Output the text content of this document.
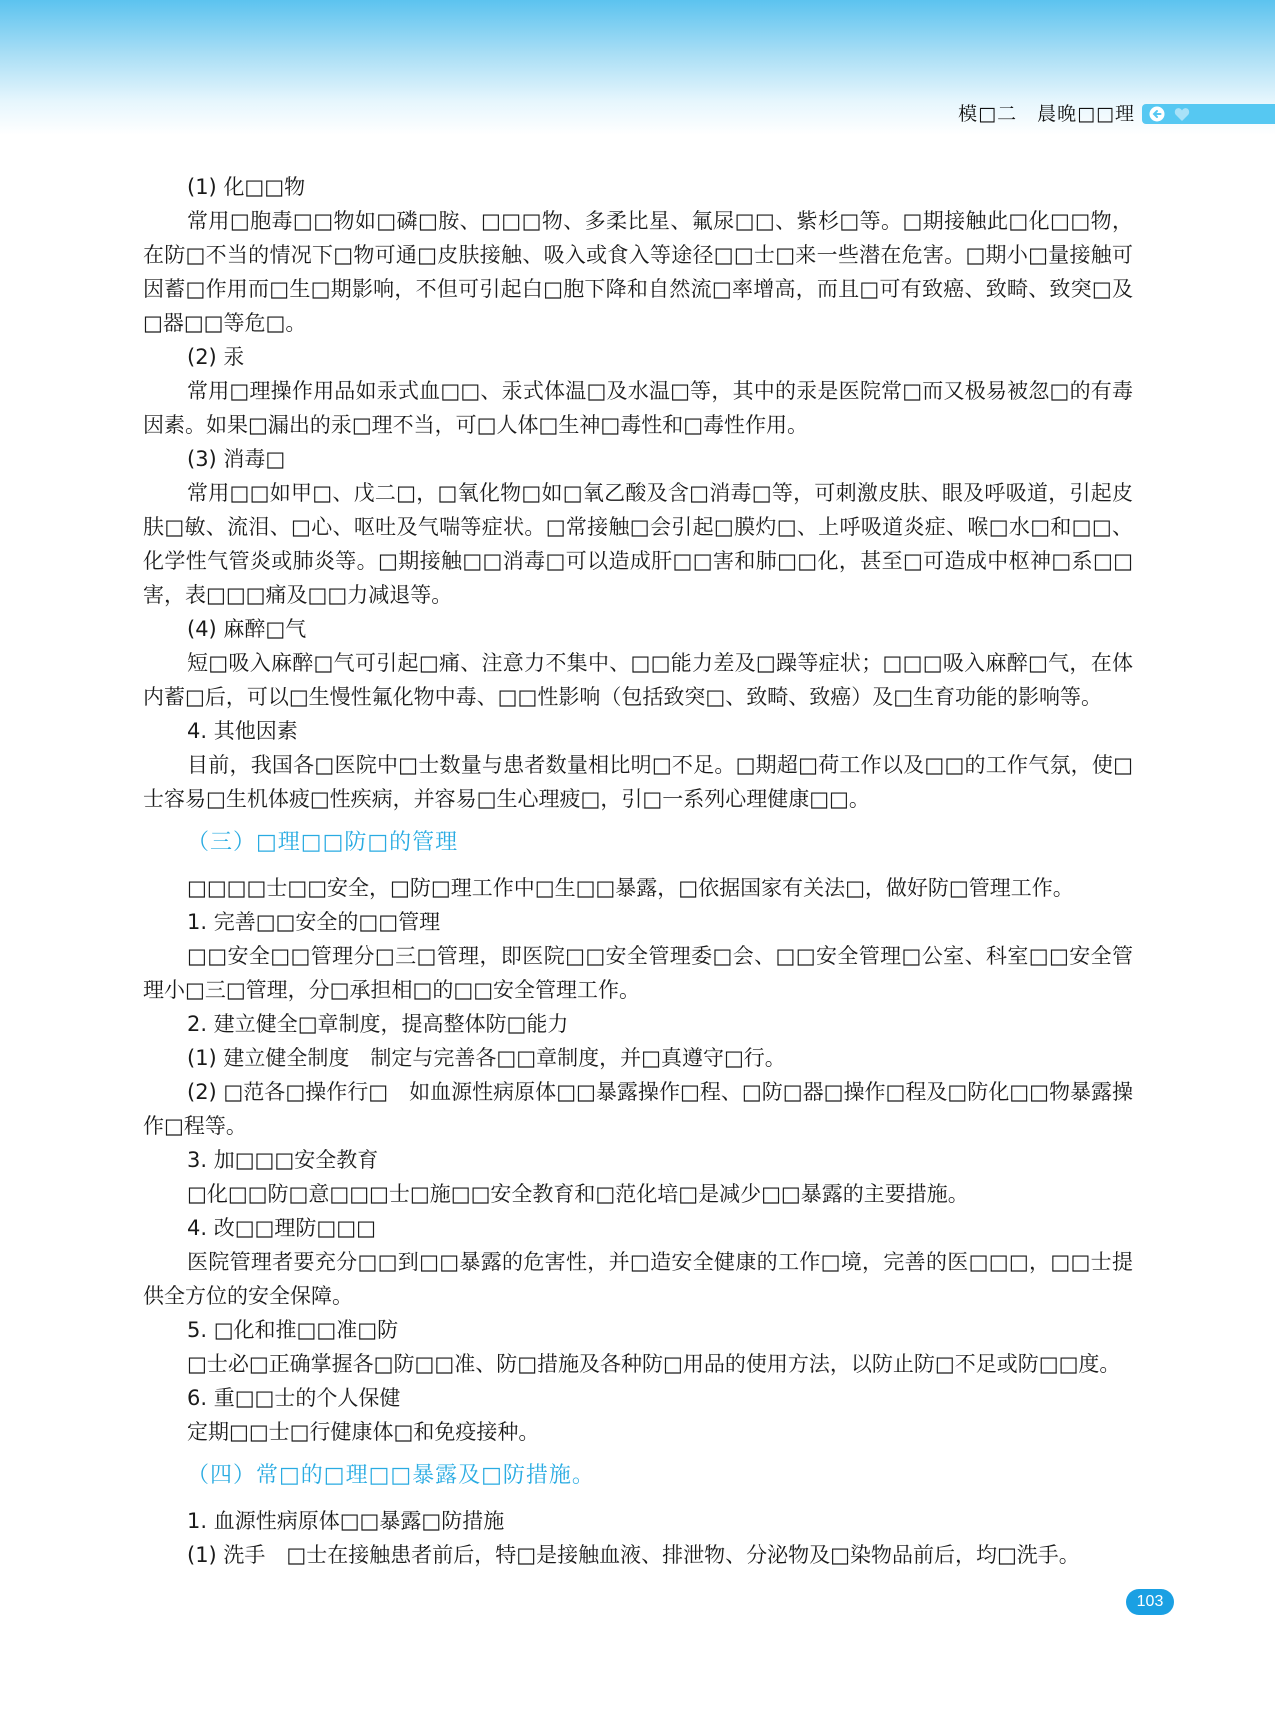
模□二 晨晚□□理

(1) 化□□物

常用□胞毒□□物如□磷□胺、□□□物、多柔比星、氟尿□□、紫杉□等。□期接触此□化□□物，在防□不当的情况下□物可通□皮肤接触、吸入或食入等途径□□士□来一些潜在危害。□期小□量接触可因蓄□作用而□生□期影响，不但可引起白□胞下降和自然流□率增高，而且□可有致癌、致畸、致突□及□器□□等危□。

(2) 汞

常用□理操作用品如汞式血□□、汞式体温□及水温□等，其中的汞是医院常□而又极易被忽□的有毒因素。如果□漏出的汞□理不当，可□人体□生神□毒性和□毒性作用。

(3) 消毒□

常用□□如甲□、戊二□，□氧化物□如□氧乙酸及含□消毒□等，可刺激皮肤、眼及呼吸道，引起皮肤□敏、流泪、□心、呕吐及气喘等症状。□常接触□会引起□膜灼□、上呼吸道炎症、喉□水□和□□、化学性气管炎或肺炎等。□期接触□□消毒□可以造成肝□□害和肺□□化，甚至□可造成中枢神□系□□害，表□□□痛及□□力减退等。

(4) 麻醉□气

短□吸入麻醉□气可引起□痛、注意力不集中、□□能力差及□躁等症状；□□□吸入麻醉□气，在体内蓄□后，可以□生慢性氟化物中毒、□□性影响（包括致突□、致畸、致癌）及□生育功能的影响等。

4. 其他因素

目前，我国各□医院中□士数量与患者数量相比明□不足。□期超□荷工作以及□□的工作气氛，使□士容易□生机体疲□性疾病，并容易□生心理疲□，引□一系列心理健康□□。

（三）□理□□防□的管理

□□□□士□□安全，□防□理工作中□生□□暴露，□依据国家有关法□，做好防□管理工作。

1. 完善□□安全的□□管理

□□安全□□管理分□三□管理，即医院□□安全管理委□会、□□安全管理□公室、科室□□安全管理小□三□管理，分□承担相□的□□安全管理工作。

2. 建立健全□章制度，提高整体防□能力

(1) 建立健全制度　制定与完善各□□章制度，并□真遵守□行。

(2) □范各□操作行□　如血源性病原体□□暴露操作□程、□防□器□操作□程及□防化□□物暴露操作□程等。

3. 加□□□安全教育

□化□□防□意□□□士□施□□安全教育和□范化培□是减少□□暴露的主要措施。

4. 改□□理防□□□

医院管理者要充分□□到□□暴露的危害性，并□造安全健康的工作□境，完善的医□□□，□□士提供全方位的安全保障。

5. □化和推□□准□防

□士必□正确掌握各□防□□准、防□措施及各种防□用品的使用方法，以防止防□不足或防□□度。

6. 重□□士的个人保健

定期□□士□行健康体□和免疫接种。

（四）常□的□理□□暴露及□防措施。

1. 血源性病原体□□暴露□防措施

(1) 洗手　□士在接触患者前后，特□是接触血液、排泄物、分泌物及□染物品前后，均□洗手。

103
